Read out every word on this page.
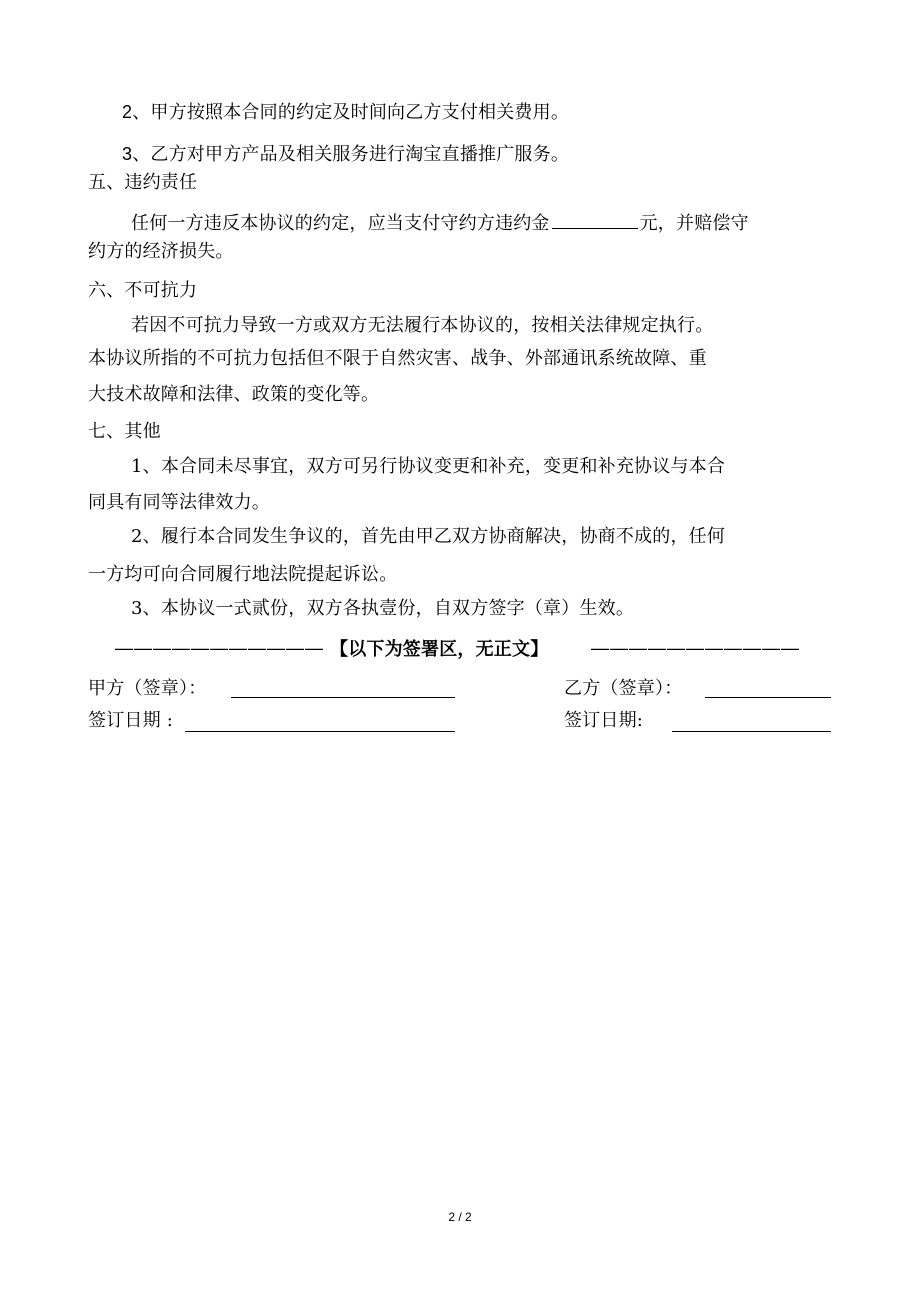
2、甲方按照本合同的约定及时间向乙方支付相关费用。
3、乙方对甲方产品及相关服务进行淘宝直播推广服务。
五、违约责任
任何一方违反本协议的约定，应当支付守约方违约金	元，并赔偿守
约方的经济损失。
六、不可抗力
若因不可抗力导致一方或双方无法履行本协议的，按相关法律规定执行。
本协议所指的不可抗力包括但不限于自然灾害、战争、外部通讯系统故障、重
大技术故障和法律、政策的变化等。
七、其他
1、本合同未尽事宜，双方可另行协议变更和补充，变更和补充协议与本合
同具有同等法律效力。
2、履行本合同发生争议的，首先由甲乙双方协商解决，协商不成的，任何
一方均可向合同履行地法院提起诉讼。
3、本协议一式贰份，双方各执壹份，自双方签字（章）生效。
——————————— 【以下为签署区，无正文】 ———————————
甲方（签章）：
签订日期 :
乙方（签章）：
签订日期:
2 / 2
